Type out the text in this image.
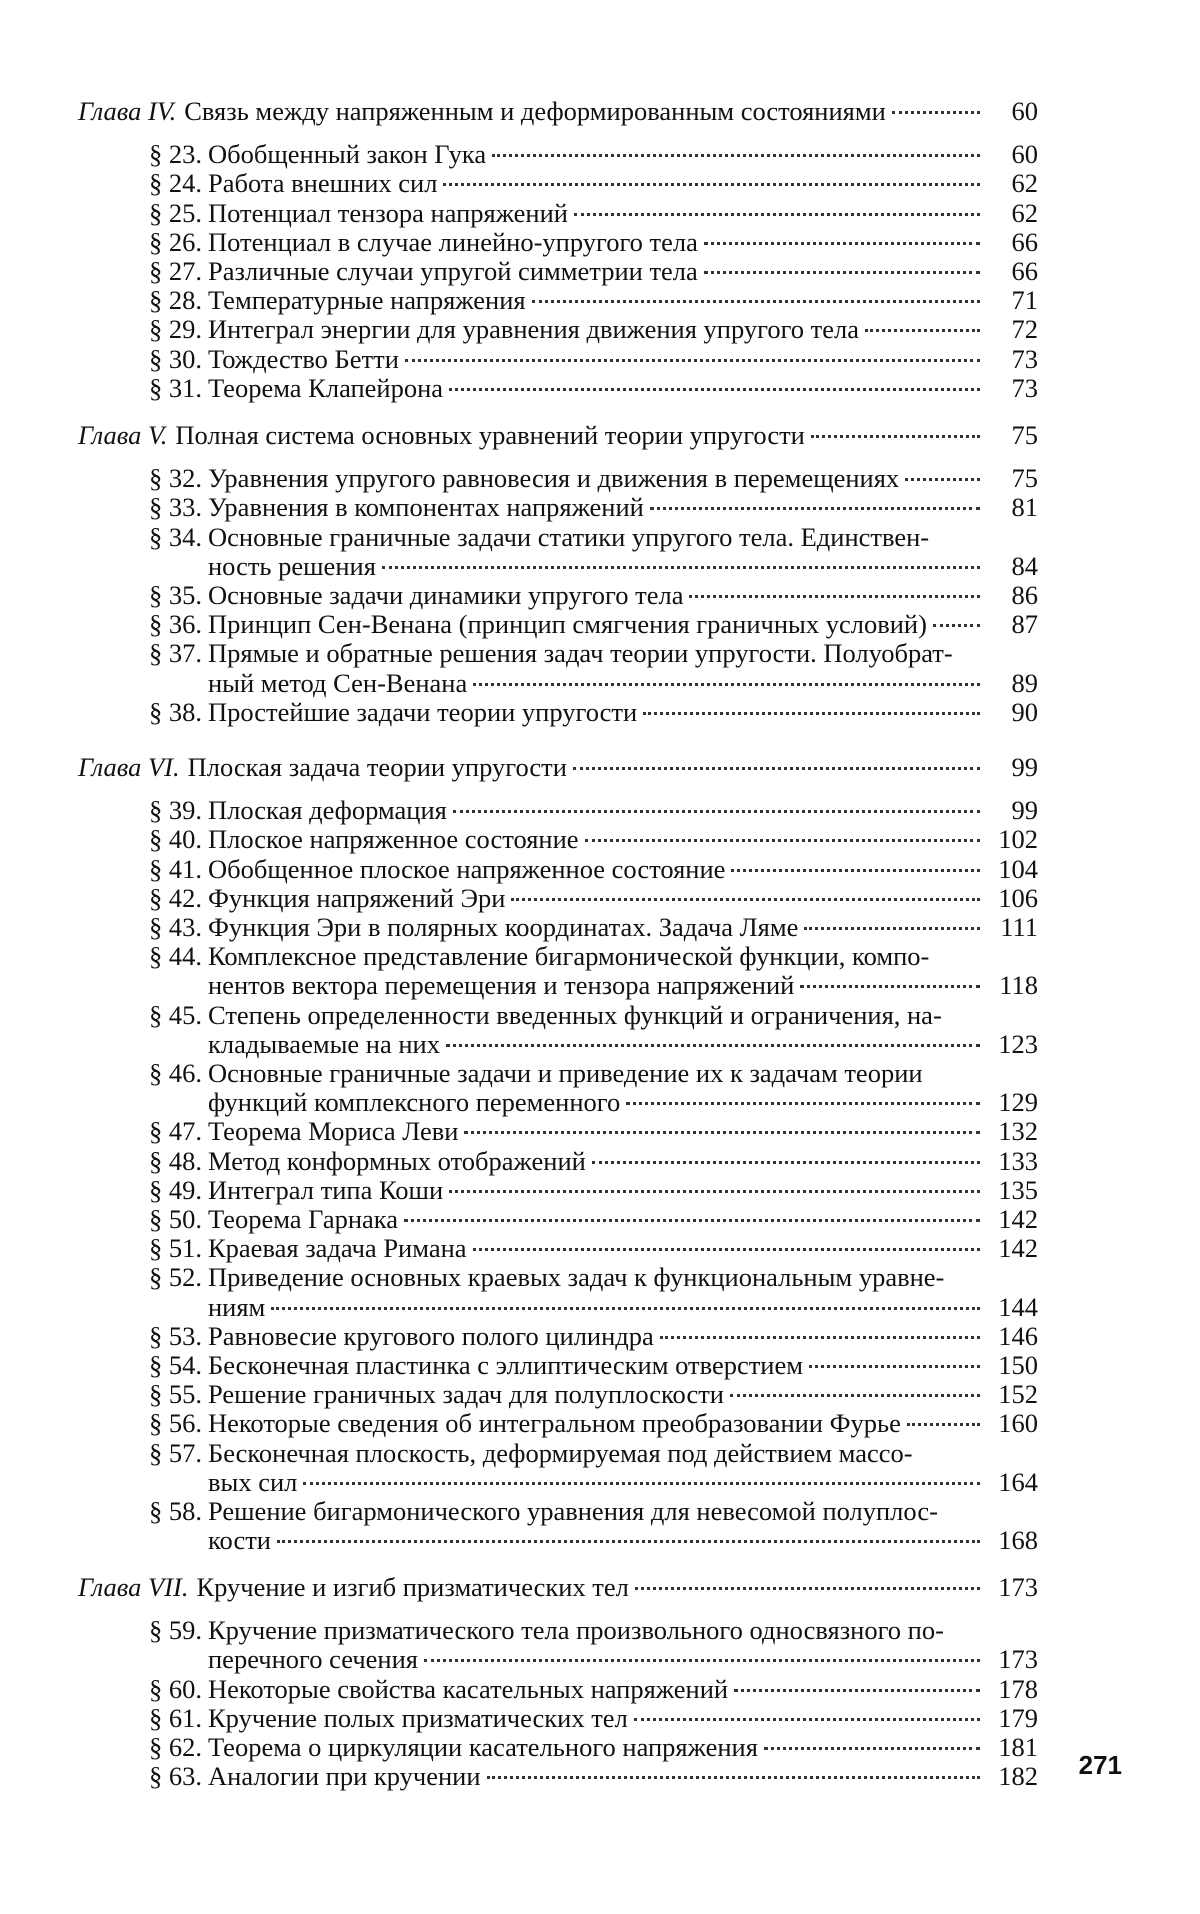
Глава IV. Связь между напряженным и деформированным состояниями	60
§ 23. Обобщенный закон Гука	60
§ 24. Работа внешних сил	62
§ 25. Потенциал тензора напряжений	62
§ 26. Потенциал в случае линейно-упругого тела	66
§ 27. Различные случаи упругой симметрии тела	66
§ 28. Температурные напряжения	71
§ 29. Интеграл энергии для уравнения движения упругого тела	72
§ 30. Тождество Бетти	73
§ 31. Теорема Клапейрона	73
Глава V. Полная система основных уравнений теории упругости	75
§ 32. Уравнения упругого равновесия и движения в перемещениях	75
§ 33. Уравнения в компонентах напряжений	81
§ 34. Основные граничные задачи статики упругого тела. Единствен-
ность решения	84
§ 35. Основные задачи динамики упругого тела	86
§ 36. Принцип Сен-Венана (принцип смягчения граничных условий)	87
§ 37. Прямые и обратные решения задач теории упругости. Полуобрат-
ный метод Сен-Венана	89
§ 38. Простейшие задачи теории упругости	90
Глава VI. Плоская задача теории упругости	99
§ 39. Плоская деформация	99
§ 40. Плоское напряженное состояние	102
§ 41. Обобщенное плоское напряженное состояние	104
§ 42. Функция напряжений Эри	106
§ 43. Функция Эри в полярных координатах. Задача Ляме	111
§ 44. Комплексное представление бигармонической функции, компо-
нентов вектора перемещения и тензора напряжений	118
§ 45. Степень определенности введенных функций и ограничения, на-
кладываемые на них	123
§ 46. Основные граничные задачи и приведение их к задачам теории
функций комплексного переменного	129
§ 47. Теорема Мориса Леви	132
§ 48. Метод конформных отображений	133
§ 49. Интеграл типа Коши	135
§ 50. Теорема Гарнака	142
§ 51. Краевая задача Римана	142
§ 52. Приведение основных краевых задач к функциональным уравне-
ниям	144
§ 53. Равновесие кругового полого цилиндра	146
§ 54. Бесконечная пластинка с эллиптическим отверстием	150
§ 55. Решение граничных задач для полуплоскости	152
§ 56. Некоторые сведения об интегральном преобразовании Фурье	160
§ 57. Бесконечная плоскость, деформируемая под действием массо-
вых сил	164
§ 58. Решение бигармонического уравнения для невесомой полуплос-
кости	168
Глава VII. Кручение и изгиб призматических тел	173
§ 59. Кручение призматического тела произвольного односвязного по-
перечного сечения	173
§ 60. Некоторые свойства касательных напряжений	178
§ 61. Кручение полых призматических тел	179
§ 62. Теорема о циркуляции касательного напряжения	181
§ 63. Аналогии при кручении	182 271
